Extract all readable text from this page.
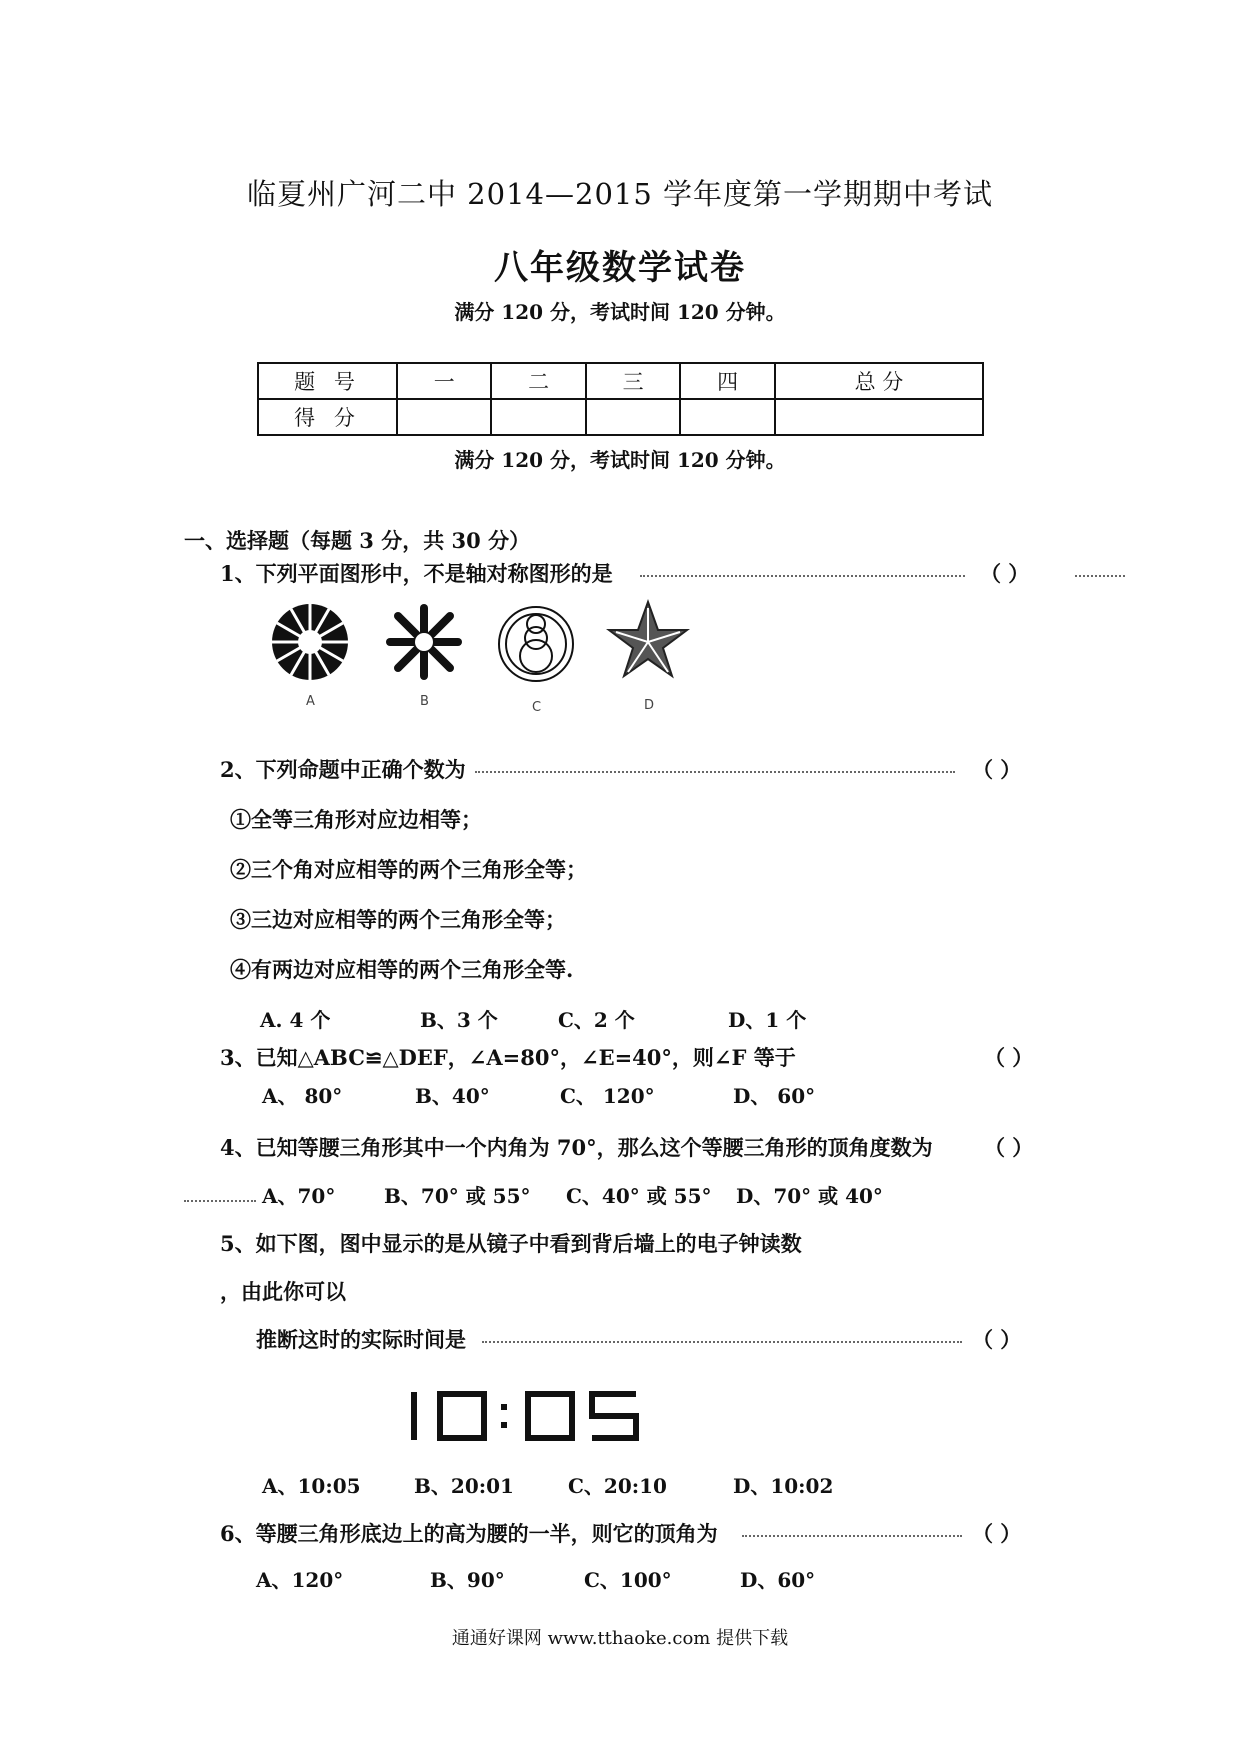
临夏州广河二中 2014—2015 学年度第一学期期中考试
八年级数学试卷
满分 120 分，考试时间 120 分钟。
题 号	一	二	三	四	总 分
得 分					
满分 120 分，考试时间 120 分钟。
一、选择题（每题 3 分，共 30 分）
1、下列平面图形中，不是轴对称图形的是	（ ）
A	B	C	D
2、下列命题中正确个数为	（ ）
①全等三角形对应边相等；
②三个角对应相等的两个三角形全等；
③三边对应相等的两个三角形全等；
④有两边对应相等的两个三角形全等.
A. 4 个	B、3 个	C、2 个	D、1 个
3、已知△ABC≌△DEF，∠A=80°，∠E=40°，则∠F 等于	（ ）
A、 80°	B、40°	C、 120°	D、 60°
4、已知等腰三角形其中一个内角为 70°，那么这个等腰三角形的顶角度数为 （ ）
A、70° B、70° 或 55° C、40° 或 55° D、70° 或 40°
5、如下图，图中显示的是从镜子中看到背后墙上的电子钟读数
，由此你可以
推断这时的实际时间是	（ ）
A、10:05	B、20:01	C、20:10	D、10:02
6、等腰三角形底边上的高为腰的一半，则它的顶角为	（ ）
A、120°	B、90°	C、100°	D、60°
通通好课网 www.tthaoke.com 提供下载
